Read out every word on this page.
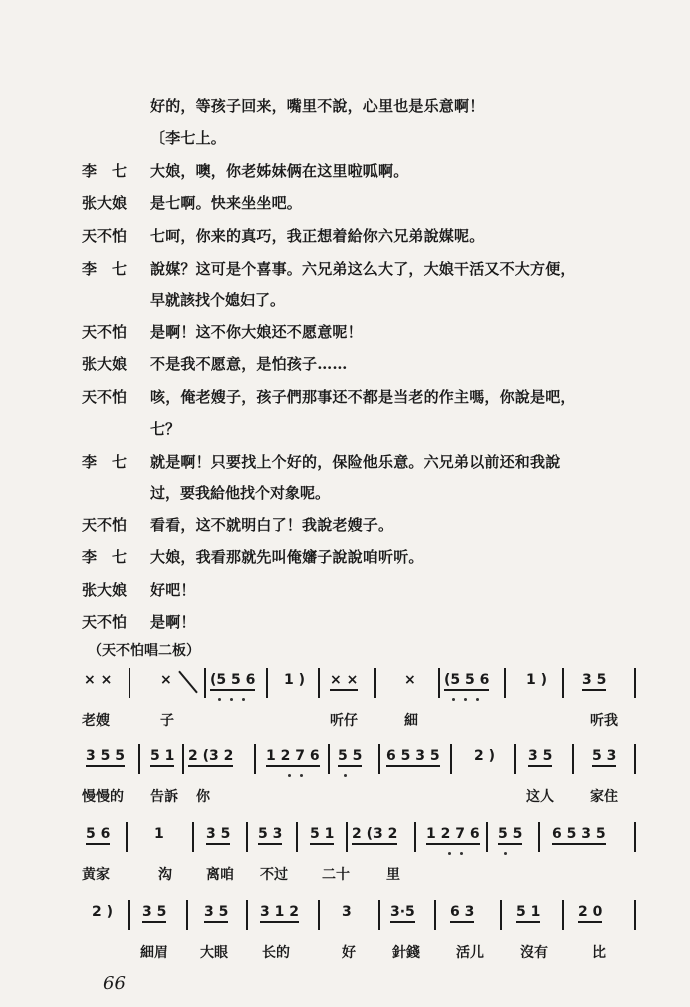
好的，等孩子回来，嘴里不說，心里也是乐意啊！
〔李七上。
李　七 大娘，噢，你老姊妹俩在这里啦呱啊。
张大娘 是七啊。快来坐坐吧。
天不怕 七呵，你来的真巧，我正想着給你六兄弟說媒呢。
李　七 說媒？这可是个喜事。六兄弟这么大了，大娘干活又不大方便，
早就該找个媳妇了。
天不怕 是啊！这不你大娘还不愿意呢！
张大娘 不是我不愿意，是怕孩子……
天不怕 咳，俺老嫂子，孩子們那事还不都是当老的作主嗎，你說是吧，
七？
李　七 就是啊！只要找上个好的，保险他乐意。六兄弟以前还和我說
过，要我給他找个对象呢。
天不怕 看看，这不就明白了！我說老嫂子。
李　七 大娘，我看那就先叫俺嬸子說說咱听听。
张大娘 好吧！
天不怕 是啊！
（天不怕唱二板）
× ×	×	(5 5 6 1 ) × ×	× (5 5 6	1 ) 3 5
老嫂	子	听仔	細	听我
3 5 5 5 1 2 (3 2 1 2 7 6 5 5 6 5 3 5 2 ) 3 5	5 3
慢慢的 告訴 你	这人	家住
5 6	1	3 5 5 3 5 1 2 (3 2 1 2 7 6 5 5 6 5 3 5
黄家	沟 离咱 不过 二十	里
2 ) 3 5	3 5 3 1 2	3	3·5	6 3	5 1	2 0
細眉 大眼 长的	好	針錢	活儿	沒有	比
66
